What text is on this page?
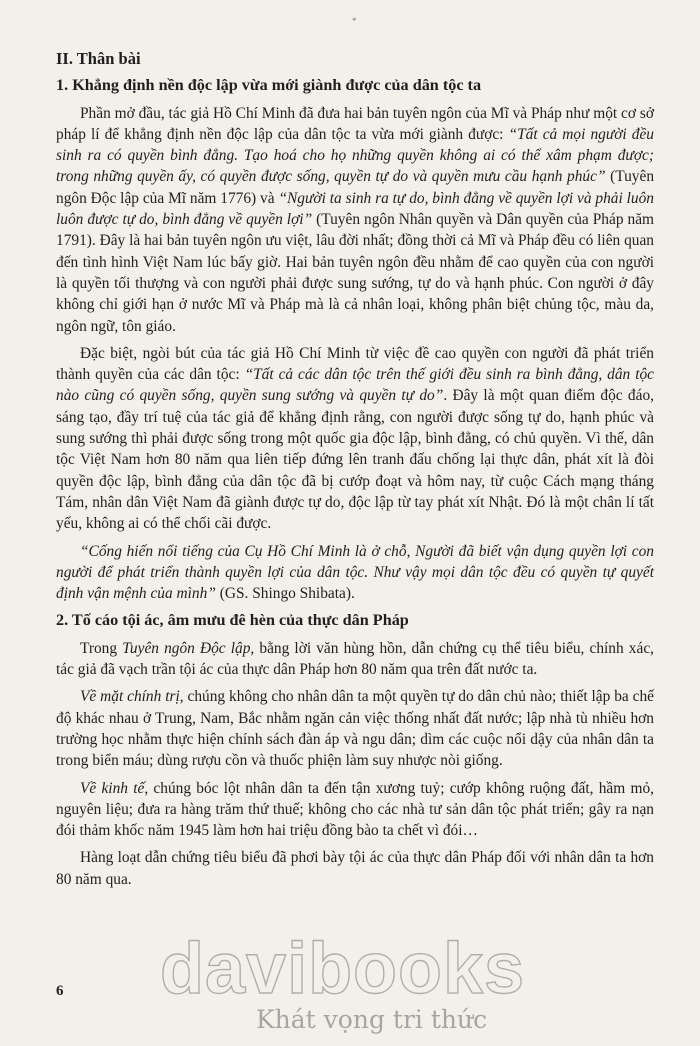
*
II. Thân bài
1. Khẳng định nền độc lập vừa mới giành được của dân tộc ta

Phần mở đầu, tác giả Hồ Chí Minh đã đưa hai bản tuyên ngôn của Mĩ và Pháp như một cơ sở pháp lí để khẳng định nền độc lập của dân tộc ta vừa mới giành được: “Tất cả mọi người đều sinh ra có quyền bình đẳng. Tạo hoá cho họ những quyền không ai có thể xâm phạm được; trong những quyền ấy, có quyền được sống, quyền tự do và quyền mưu cầu hạnh phúc” (Tuyên ngôn Độc lập của Mĩ năm 1776) và “Người ta sinh ra tự do, bình đẳng về quyền lợi và phải luôn luôn được tự do, bình đẳng về quyền lợi” (Tuyên ngôn Nhân quyền và Dân quyền của Pháp năm 1791). Đây là hai bản tuyên ngôn ưu việt, lâu đời nhất; đồng thời cả Mĩ và Pháp đều có liên quan đến tình hình Việt Nam lúc bấy giờ. Hai bản tuyên ngôn đều nhằm để cao quyền của con người là quyền tối thượng và con người phải được sung sướng, tự do và hạnh phúc. Con người ở đây không chỉ giới hạn ở nước Mĩ và Pháp mà là cả nhân loại, không phân biệt chủng tộc, màu da, ngôn ngữ, tôn giáo.

Đặc biệt, ngòi bút của tác giả Hồ Chí Minh từ việc đề cao quyền con người đã phát triển thành quyền của các dân tộc: “Tất cả các dân tộc trên thế giới đều sinh ra bình đẳng, dân tộc nào cũng có quyền sống, quyền sung sướng và quyền tự do”. Đây là một quan điểm độc đáo, sáng tạo, đầy trí tuệ của tác giả để khẳng định rằng, con người được sống tự do, hạnh phúc và sung sướng thì phải được sống trong một quốc gia độc lập, bình đẳng, có chủ quyền. Vì thế, dân tộc Việt Nam hơn 80 năm qua liên tiếp đứng lên tranh đấu chống lại thực dân, phát xít là đòi quyền độc lập, bình đẳng của dân tộc đã bị cướp đoạt và hôm nay, từ cuộc Cách mạng tháng Tám, nhân dân Việt Nam đã giành được tự do, độc lập từ tay phát xít Nhật. Đó là một chân lí tất yếu, không ai có thể chối cãi được.

“Cống hiến nổi tiếng của Cụ Hồ Chí Minh là ở chỗ, Người đã biết vận dụng quyền lợi con người để phát triển thành quyền lợi của dân tộc. Như vậy mọi dân tộc đều có quyền tự quyết định vận mệnh của mình” (GS. Shingo Shibata).

2. Tố cáo tội ác, âm mưu đê hèn của thực dân Pháp

Trong Tuyên ngôn Độc lập, bằng lời văn hùng hồn, dẫn chứng cụ thể tiêu biểu, chính xác, tác giả đã vạch trần tội ác của thực dân Pháp hơn 80 năm qua trên đất nước ta.

Về mặt chính trị, chúng không cho nhân dân ta một quyền tự do dân chủ nào; thiết lập ba chế độ khác nhau ở Trung, Nam, Bắc nhằm ngăn cản việc thống nhất đất nước; lập nhà tù nhiều hơn trường học nhằm thực hiện chính sách đàn áp và ngu dân; dìm các cuộc nổi dậy của nhân dân ta trong biển máu; dùng rượu cồn và thuốc phiện làm suy nhược nòi giống.

Về kinh tế, chúng bóc lột nhân dân ta đến tận xương tuỷ; cướp không ruộng đất, hầm mỏ, nguyên liệu; đưa ra hàng trăm thứ thuế; không cho các nhà tư sản dân tộc phát triển; gây ra nạn đói thảm khốc năm 1945 làm hơn hai triệu đồng bào ta chết vì đói…

Hàng loạt dẫn chứng tiêu biểu đã phơi bày tội ác của thực dân Pháp đối với nhân dân ta hơn 80 năm qua.

6 davibooks
Khát vọng tri thức
